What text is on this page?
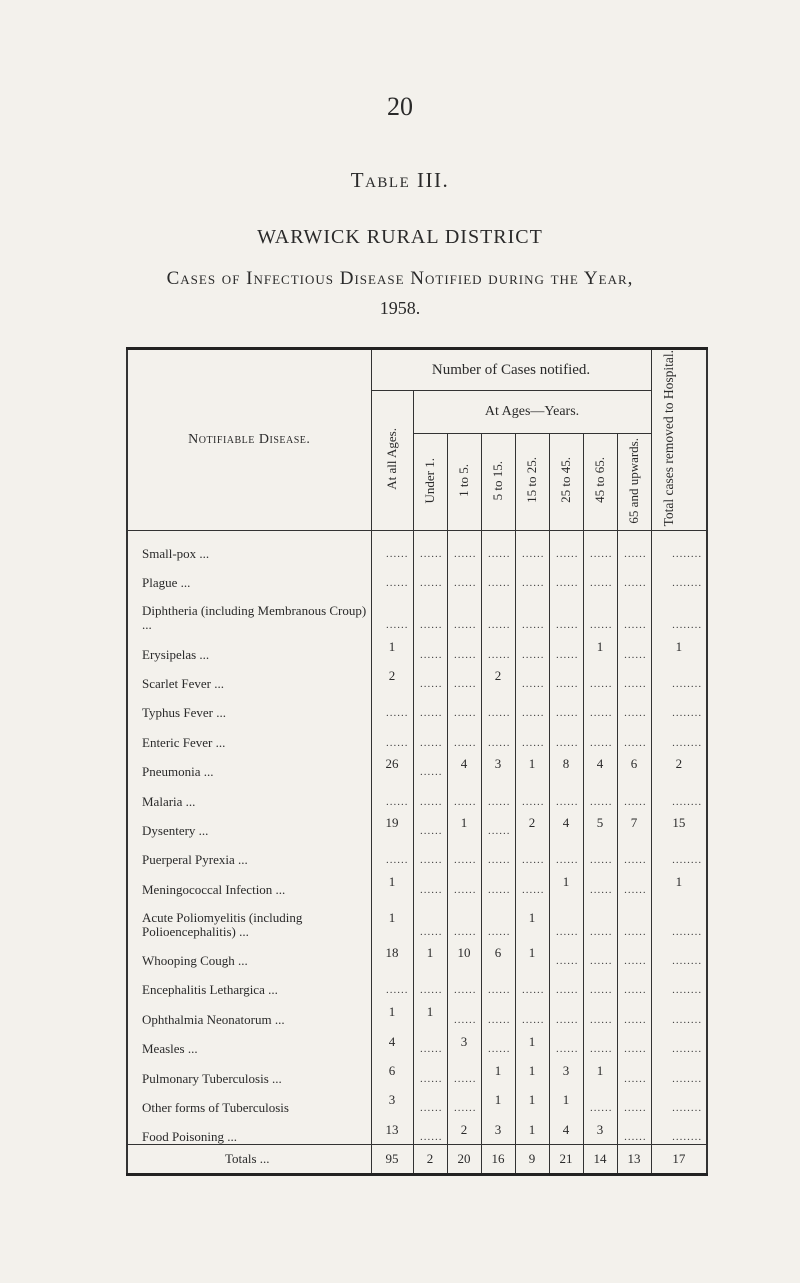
20
Table III.
WARWICK RURAL DISTRICT
Cases of Infectious Disease Notified during the Year,
1958.
Notifiable Disease.	Number of Cases notified.								Total cases removed to Hospital.
	At all Ages.	At Ages—Years.							
		Under 1.	1 to 5.	5 to 15.	15 to 25.	25 to 45.	45 to 65.	65 and upwards.	
Small-pox ...	......	......	......	......	......	......	......	......	........
Plague ...	......	......	......	......	......	......	......	......	........
Diphtheria (including Membranous Croup) ...	......	......	......	......	......	......	......	......	........
Erysipelas ...	1	......	......	......	......	......	1	......	1
Scarlet Fever ...	2	......	......	2	......	......	......	......	........
Typhus Fever ...	......	......	......	......	......	......	......	......	........
Enteric Fever ...	......	......	......	......	......	......	......	......	........
Pneumonia ...	26	......	4	3	1	8	4	6	2
Malaria ...	......	......	......	......	......	......	......	......	........
Dysentery ...	19	......	1	......	2	4	5	7	15
Puerperal Pyrexia ...	......	......	......	......	......	......	......	......	........
Meningococcal Infection ...	1	......	......	......	......	1	......	......	1
Acute Poliomyelitis (including Polioencephalitis) ...	1	......	......	......	1	......	......	......	........
Whooping Cough ...	18	1	10	6	1	......	......	......	........
Encephalitis Lethargica ...	......	......	......	......	......	......	......	......	........
Ophthalmia Neonatorum ...	1	1	......	......	......	......	......	......	........
Measles ...	4	......	3	......	1	......	......	......	........
Pulmonary Tuberculosis ...	6	......	......	1	1	3	1	......	........
Other forms of Tuberculosis	3	......	......	1	1	1	......	......	........
Food Poisoning ...	13	......	2	3	1	4	3	......	........
Totals ...	95	2	20	16	9	21	14	13	17
